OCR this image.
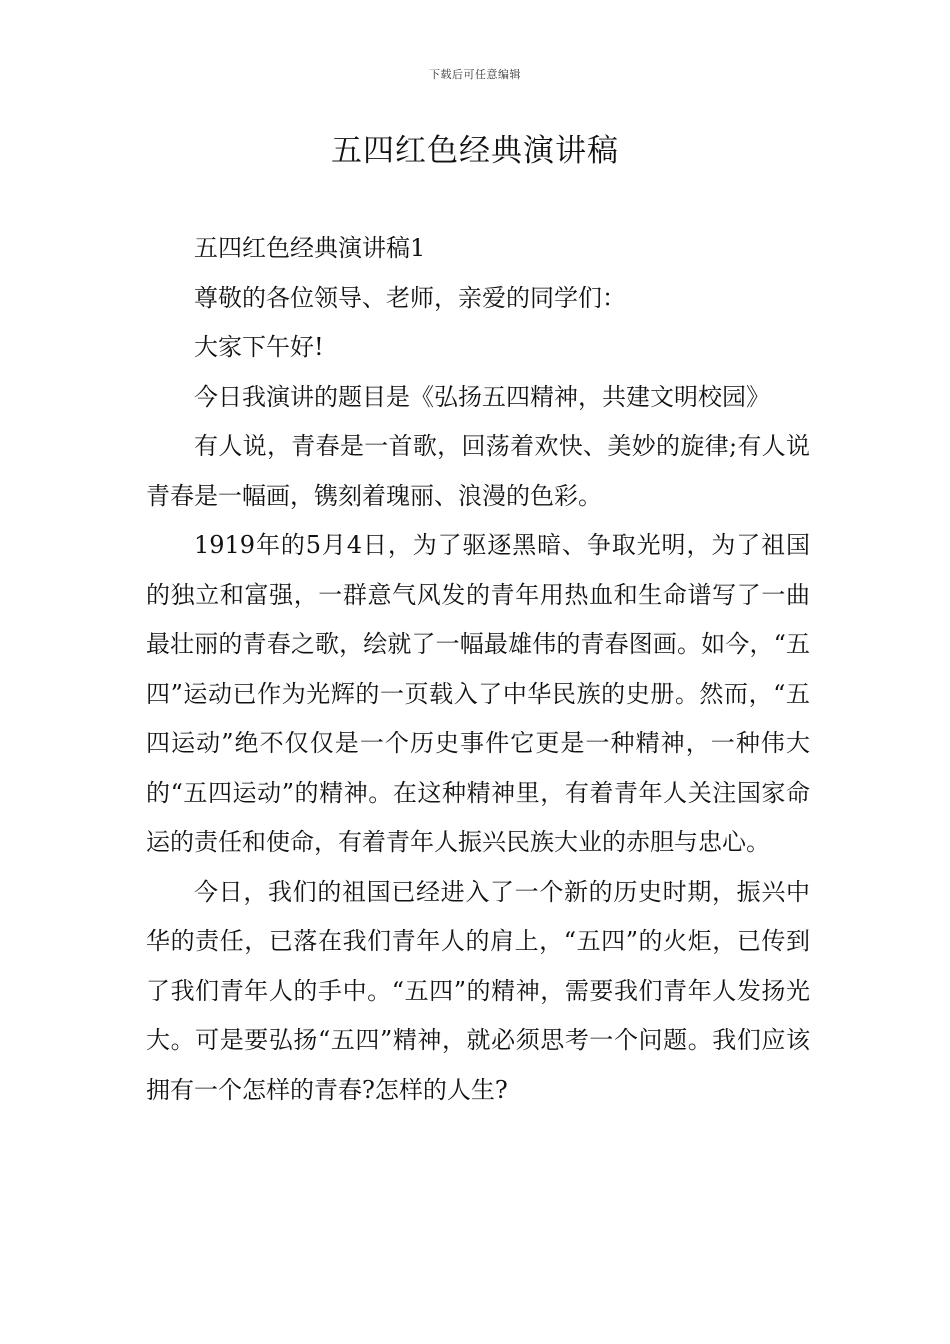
下载后可任意编辑
五四红色经典演讲稿

五四红色经典演讲稿1

尊敬的各位领导、老师，亲爱的同学们：

大家下午好!

今日我演讲的题目是《弘扬五四精神，共建文明校园》

有人说，青春是一首歌，回荡着欢快、美妙的旋律;有人说青春是一幅画，镌刻着瑰丽、浪漫的色彩。

1919年的5月4日，为了驱逐黑暗、争取光明，为了祖国的独立和富强，一群意气风发的青年用热血和生命谱写了一曲最壮丽的青春之歌，绘就了一幅最雄伟的青春图画。如今，“五四”运动已作为光辉的一页载入了中华民族的史册。然而，“五四运动”绝不仅仅是一个历史事件它更是一种精神，一种伟大的“五四运动”的精神。在这种精神里，有着青年人关注国家命运的责任和使命，有着青年人振兴民族大业的赤胆与忠心。

今日，我们的祖国已经进入了一个新的历史时期，振兴中华的责任，已落在我们青年人的肩上，“五四”的火炬，已传到了我们青年人的手中。“五四”的精神，需要我们青年人发扬光大。可是要弘扬“五四”精神，就必须思考一个问题。我们应该拥有一个怎样的青春?怎样的人生?
